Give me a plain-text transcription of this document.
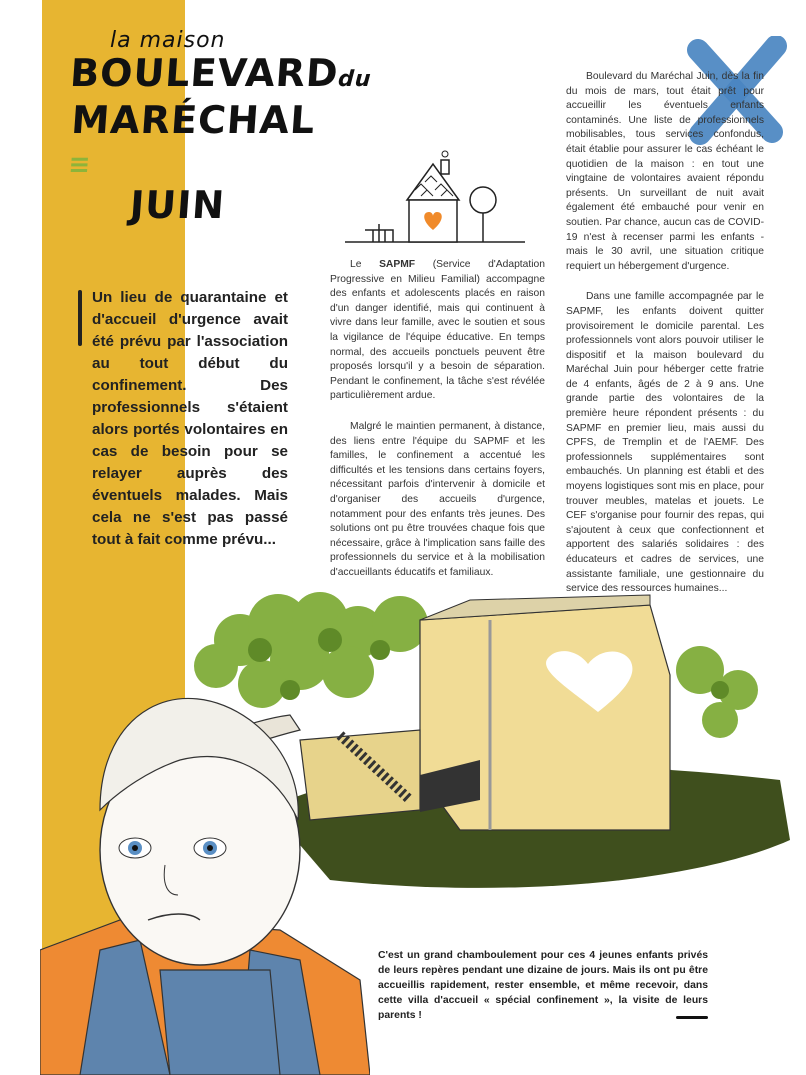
la maison
BOULEVARDdu
MARÉCHAL ≡
JUIN
Un lieu de quarantaine et d'accueil d'urgence avait été prévu par l'association au tout début du confinement. Des professionnels s'étaient alors portés volontaires en cas de besoin pour se relayer auprès des éventuels malades. Mais cela ne s'est pas passé tout à fait comme prévu...

Le SAPMF (Service d'Adaptation Progressive en Milieu Familial) accompagne des enfants et adolescents placés en raison d'un danger identifié, mais qui continuent à vivre dans leur famille, avec le soutien et sous la vigilance de l'équipe éducative. En temps normal, des accueils ponctuels peuvent être proposés lorsqu'il y a besoin de séparation. Pendant le confinement, la tâche s'est révélée particulièrement ardue.

Malgré le maintien permanent, à distance, des liens entre l'équipe du SAPMF et les familles, le confinement a accentué les difficultés et les tensions dans certains foyers, nécessitant parfois d'intervenir à domicile et d'organiser des accueils d'urgence, notamment pour des enfants très jeunes. Des solutions ont pu être trouvées chaque fois que nécessaire, grâce à l'implication sans faille des professionnels du service et à la mobilisation d'accueillants éducatifs et familiaux.

Boulevard du Maréchal Juin, dès la fin du mois de mars, tout était prêt pour accueillir les éventuels enfants contaminés. Une liste de professionnels mobilisables, tous services confondus, était établie pour assurer le cas échéant le quotidien de la maison : en tout une vingtaine de volontaires avaient répondu présents. Un surveillant de nuit avait également été embauché pour venir en soutien. Par chance, aucun cas de COVID-19 n'est à recenser parmi les enfants - mais le 30 avril, une situation critique requiert un hébergement d'urgence.

Dans une famille accompagnée par le SAPMF, les enfants doivent quitter provisoirement le domicile parental. Les professionnels vont alors pouvoir utiliser le dispositif et la maison boulevard du Maréchal Juin pour héberger cette fratrie de 4 enfants, âgés de 2 à 9 ans. Une grande partie des volontaires de la première heure répondent présents : du SAPMF en premier lieu, mais aussi du CPFS, de Tremplin et de l'AEMF. Des professionnels supplémentaires sont embauchés. Un planning est établi et des moyens logistiques sont mis en place, pour trouver meubles, matelas et jouets. Le CEF s'organise pour fournir des repas, qui s'ajoutent à ceux que confectionnent et apportent des salariés solidaires : des éducateurs et cadres de services, une assistante familiale, une gestionnaire du service des ressources humaines...

C'est un grand chamboulement pour ces 4 jeunes enfants privés de leurs repères pendant une dizaine de jours. Mais ils ont pu être accueillis rapidement, rester ensemble, et même recevoir, dans cette villa d'accueil « spécial confinement », la visite de leurs parents !
